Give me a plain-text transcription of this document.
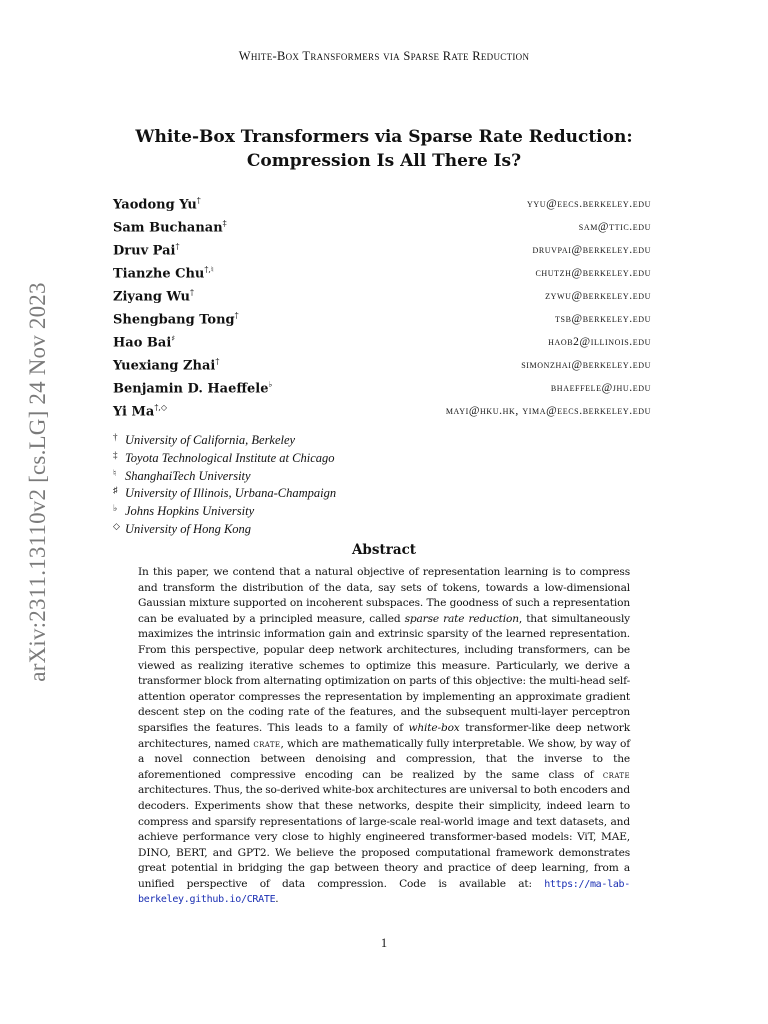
White-Box Transformers via Sparse Rate Reduction
arXiv:2311.13110v2 [cs.LG] 24 Nov 2023
White-Box Transformers via Sparse Rate Reduction:
Compression Is All There Is?
Yaodong Yu†	yyu@eecs.berkeley.edu
Sam Buchanan‡	sam@ttic.edu
Druv Pai†	druvpai@berkeley.edu
Tianzhe Chu†,♮	chutzh@berkeley.edu
Ziyang Wu†	zywu@berkeley.edu
Shengbang Tong†	tsb@berkeley.edu
Hao Bai♯	haob2@illinois.edu
Yuexiang Zhai†	simonzhai@berkeley.edu
Benjamin D. Haeffele♭	bhaeffele@jhu.edu
Yi Ma†,◇	mayi@hku.hk, yima@eecs.berkeley.edu
† University of California, Berkeley
‡ Toyota Technological Institute at Chicago
♮ ShanghaiTech University
♯ University of Illinois, Urbana-Champaign
♭ Johns Hopkins University
◇ University of Hong Kong
Abstract
In this paper, we contend that a natural objective of representation learning is to compress and transform the distribution of the data, say sets of tokens, towards a low-dimensional Gaussian mixture supported on incoherent subspaces. The goodness of such a representation can be evaluated by a principled measure, called sparse rate reduction, that simultaneously maximizes the intrinsic information gain and extrinsic sparsity of the learned representation. From this perspective, popular deep network architectures, including transformers, can be viewed as realizing iterative schemes to optimize this measure. Particularly, we derive a transformer block from alternating optimization on parts of this objective: the multi-head self-attention operator compresses the representation by implementing an approximate gradient descent step on the coding rate of the features, and the subsequent multi-layer perceptron sparsifies the features. This leads to a family of white-box transformer-like deep network architectures, named crate, which are mathematically fully interpretable. We show, by way of a novel connection between denoising and compression, that the inverse to the aforementioned compressive encoding can be realized by the same class of crate architectures. Thus, the so-derived white-box architectures are universal to both encoders and decoders. Experiments show that these networks, despite their simplicity, indeed learn to compress and sparsify representations of large-scale real-world image and text datasets, and achieve performance very close to highly engineered transformer-based models: ViT, MAE, DINO, BERT, and GPT2. We believe the proposed computational framework demonstrates great potential in bridging the gap between theory and practice of deep learning, from a unified perspective of data compression. Code is available at: https://ma-lab-berkeley.github.io/CRATE.
1
